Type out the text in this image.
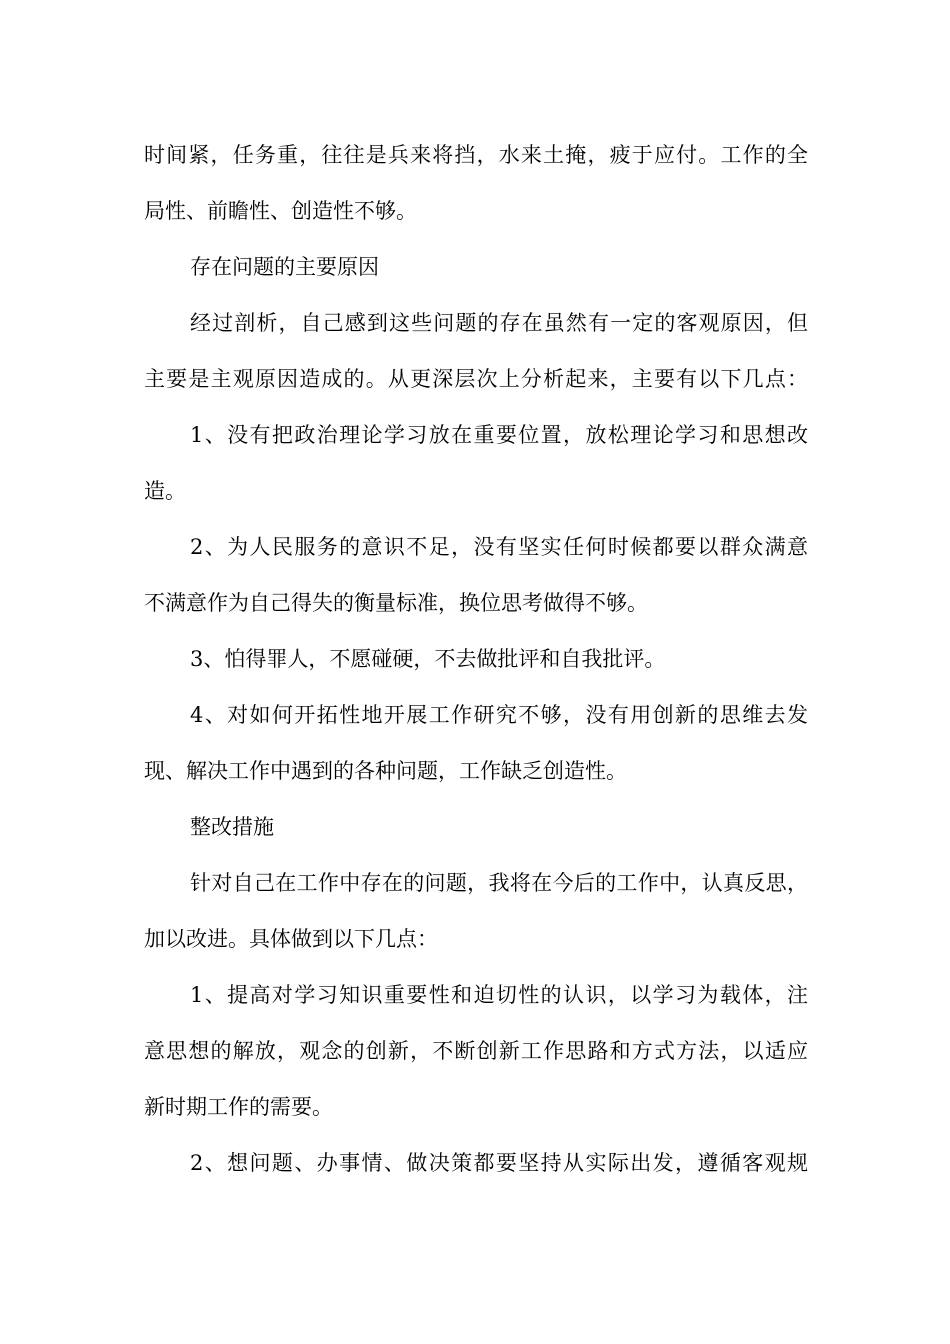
时间紧，任务重，往往是兵来将挡，水来土掩，疲于应付。工作的全
局性、前瞻性、创造性不够。
存在问题的主要原因
经过剖析，自己感到这些问题的存在虽然有一定的客观原因，但
主要是主观原因造成的。从更深层次上分析起来，主要有以下几点：
1、没有把政治理论学习放在重要位置，放松理论学习和思想改
造。
2、为人民服务的意识不足，没有坚实任何时候都要以群众满意
不满意作为自己得失的衡量标准，换位思考做得不够。
3、怕得罪人，不愿碰硬，不去做批评和自我批评。
4、对如何开拓性地开展工作研究不够，没有用创新的思维去发
现、解决工作中遇到的各种问题，工作缺乏创造性。
整改措施
针对自己在工作中存在的问题，我将在今后的工作中，认真反思，
加以改进。具体做到以下几点：
1、提高对学习知识重要性和迫切性的认识，以学习为载体，注
意思想的解放，观念的创新，不断创新工作思路和方式方法，以适应
新时期工作的需要。
2、想问题、办事情、做决策都要坚持从实际出发，遵循客观规
